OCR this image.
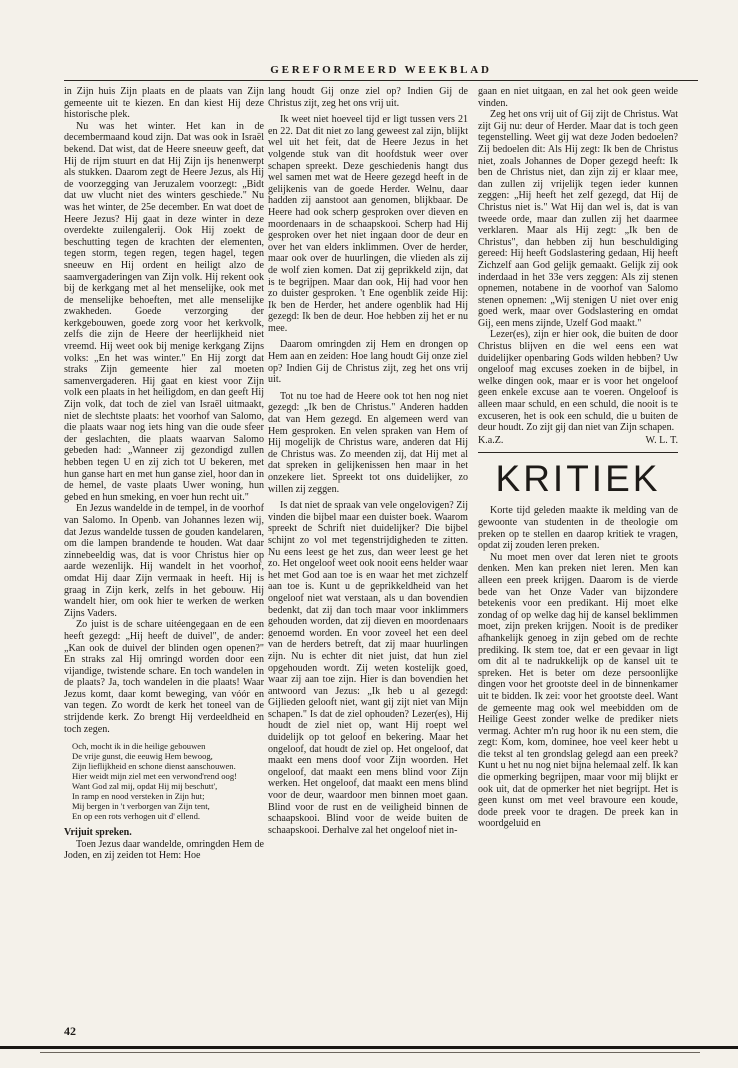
GEREFORMEERD WEEKBLAD

in Zijn huis Zijn plaats en de plaats van Zijn gemeente uit te kiezen. En dan kiest Hij deze historische plek.

Nu was het winter. Het kan in de decembermaand koud zijn. Dat was ook in Israël bekend. Dat wist, dat de Heere sneeuw geeft, dat Hij de rijm stuurt en dat Hij Zijn ijs henenwerpt als stukken. Daarom zegt de Heere Jezus, als Hij de voorzegging van Jeruzalem voorzegt: „Bidt dat uw vlucht niet des winters geschiede." Nu was het winter, de 25e december. En wat doet de Heere Jezus? Hij gaat in deze winter in deze overdekte zuilengalerij. Ook Hij zoekt de beschutting tegen de krachten der elementen, tegen storm, tegen regen, tegen hagel, tegen sneeuw en Hij ordent en heiligt alzo de saamvergaderingen van Zijn volk. Hij rekent ook bij de kerkgang met al het menselijke, ook met de menselijke behoeften, met alle menselijke zwakheden. Goede verzorging der kerkgebouwen, goede zorg voor het kerkvolk, zelfs die zijn de Heere der heerlijkheid niet vreemd. Hij weet ook bij menige kerkgang Zijns volks: „En het was winter." En Hij zorgt dat straks Zijn gemeente hier zal moeten samenvergaderen. Hij gaat en kiest voor Zijn volk een plaats in het heiligdom, en dan geeft Hij Zijn volk, dat toch de ziel van Israël uitmaakt, niet de slechtste plaats: het voorhof van Salomo, die plaats waar nog iets hing van die oude sfeer der geslachten, die plaats waarvan Salomo gebeden had: „Wanneer zij gezondigd zullen hebben tegen U en zij zich tot U bekeren, met hun ganse hart en met hun ganse ziel, hoor dan in de hemel, de vaste plaats Uwer woning, hun gebed en hun smeking, en voer hun recht uit."

En Jezus wandelde in de tempel, in de voorhof van Salomo. In Openb. van Johannes lezen wij, dat Jezus wandelde tussen de gouden kandelaren, om die lampen brandende te houden. Wat daar zinnebeeldig was, dat is voor Christus hier op aarde wezenlijk. Hij wandelt in het voorhof, omdat Hij daar Zijn vermaak in heeft. Hij is graag in Zijn kerk, zelfs in het gebouw. Hij wandelt hier, om ook hier te werken de werken Zijns Vaders.

Zo juist is de schare uitéengegaan en de een heeft gezegd: „Hij heeft de duivel", de ander: „Kan ook de duivel der blinden ogen openen?" En straks zal Hij omringd worden door een vijandige, twistende schare. En toch wandelen in de plaats? Ja, toch wandelen in die plaats! Waar Jezus komt, daar komt beweging, van vóór en van tegen. Zo wordt de kerk het toneel van de strijdende kerk. Zo brengt Hij verdeeldheid en toch zegen.

Och, mocht ik in die heilige gebouwen
De vrije gunst, die eeuwig Hem bewoog,
Zijn lieflijkheid en schone dienst aanschouwen.
Hier weidt mijn ziel met een verwond'rend oog!
Want God zal mij, opdat Hij mij beschutt',
In ramp en nood versteken in Zijn hut;
Mij bergen in 't verborgen van Zijn tent,
En op een rots verhogen uit d' ellend.
Vrijuit spreken.

Toen Jezus daar wandelde, omringden Hem de Joden, en zij zeiden tot Hem: Hoe

lang houdt Gij onze ziel op? Indien Gij de Christus zijt, zeg het ons vrij uit.

Ik weet niet hoeveel tijd er ligt tussen vers 21 en 22. Dat dit niet zo lang geweest zal zijn, blijkt wel uit het feit, dat de Heere Jezus in het volgende stuk van dit hoofdstuk weer over schapen spreekt. Deze geschiedenis hangt dus wel samen met wat de Heere gezegd heeft in de gelijkenis van de goede Herder. Welnu, daar hadden zij aanstoot aan genomen, blijkbaar. De Heere had ook scherp gesproken over dieven en moordenaars in de schaapskooi. Scherp had Hij gesproken over het niet ingaan door de deur en over het van elders inklimmen. Over de herder, maar ook over de huurlingen, die vlieden als zij de wolf zien komen. Dat zij geprikkeld zijn, dat is te begrijpen. Maar dan ook, Hij had voor hen zo duister gesproken. 't Ene ogenblik zeide Hij: Ik ben de Herder, het andere ogenblik had Hij gezegd: Ik ben de deur. Hoe hebben zij het er nu mee.

Daarom omringden zij Hem en drongen op Hem aan en zeiden: Hoe lang houdt Gij onze ziel op? Indien Gij de Christus zijt, zeg het ons vrij uit.

Tot nu toe had de Heere ook tot hen nog niet gezegd: „Ik ben de Christus." Anderen hadden dat van Hem gezegd. En algemeen werd van Hem gesproken. En velen spraken van Hem of Hij mogelijk de Christus ware, anderen dat Hij de Christus was. Zo meenden zij, dat Hij met al dat spreken in gelijkenissen hen maar in het onzekere liet. Spreekt tot ons duidelijker, zo willen zij zeggen.

Is dat niet de spraak van vele ongelovigen? Zij vinden die bijbel maar een duister boek. Waarom spreekt de Schrift niet duidelijker? Die bijbel schijnt zo vol met tegenstrijdigheden te zitten. Nu eens leest ge het zus, dan weer leest ge het zo. Het ongeloof weet ook nooit eens helder waar het met God aan toe is en waar het met zichzelf aan toe is. Kunt u de geprikkeldheid van het ongeloof niet wat verstaan, als u dan bovendien bedenkt, dat zij dan toch maar voor inklimmers gehouden worden, dat zij dieven en moordenaars genoemd worden. En voor zoveel het een deel van de herders betreft, dat zij maar huurlingen zijn. Nu is echter dit niet juist, dat hun ziel opgehouden wordt. Zij weten kostelijk goed, waar zij aan toe zijn. Hier is dan bovendien het antwoord van Jezus: „Ik heb u al gezegd: Gijlieden gelooft niet, want gij zijt niet van Mijn schapen." Is dat de ziel ophouden? Lezer(es), Hij houdt de ziel niet op, want Hij roept wel duidelijk op tot geloof en bekering. Maar het ongeloof, dat houdt de ziel op. Het ongeloof, dat maakt een mens doof voor Zijn woorden. Het ongeloof, dat maakt een mens blind voor Zijn werken. Het ongeloof, dat maakt een mens blind voor de deur, waardoor men binnen moet gaan. Blind voor de rust en de veiligheid binnen de schaapskooi. Blind voor de weide buiten de schaapskooi. Derhalve zal het ongeloof niet in-

gaan en niet uitgaan, en zal het ook geen weide vinden.

Zeg het ons vrij uit of Gij zijt de Christus. Wat zijt Gij nu: deur of Herder. Maar dat is toch geen tegenstelling. Weet gij wat deze Joden bedoelen? Zij bedoelen dit: Als Hij zegt: Ik ben de Christus niet, zoals Johannes de Doper gezegd heeft: Ik ben de Christus niet, dan zijn zij er klaar mee, dan zullen zij vrijelijk tegen ieder kunnen zeggen: „Hij heeft het zelf gezegd, dat Hij de Christus niet is." Wat Hij dan wel is, dat is van tweede orde, maar dan zullen zij het daarmee verklaren. Maar als Hij zegt: „Ik ben de Christus", dan hebben zij hun beschuldiging gereed: Hij heeft Godslastering gedaan, Hij heeft Zichzelf aan God gelijk gemaakt. Gelijk zij ook inderdaad in het 33e vers zeggen: Als zij stenen opnemen, notabene in de voorhof van Salomo stenen opnemen: „Wij stenigen U niet over enig goed werk, maar over Godslastering en omdat Gij, een mens zijnde, Uzelf God maakt."

Lezer(es), zijn er hier ook, die buiten de door Christus blijven en die wel eens een wat duidelijker openbaring Gods wilden hebben? Uw ongeloof mag excuses zoeken in de bijbel, in welke dingen ook, maar er is voor het ongeloof geen enkele excuse aan te voeren. Ongeloof is alleen maar schuld, en een schuld, die nooit is te excuseren, het is ook een schuld, die u buiten de deur houdt. Zo zijt gij dan niet van Zijn schapen.

K.a.Z.	W. L. T.
KRITIEK

Korte tijd geleden maakte ik melding van de gewoonte van studenten in de theologie om preken op te stellen en daarop kritiek te vragen, opdat zij zouden leren preken.

Nu moet men over dat leren niet te groots denken. Men kan preken niet leren. Men kan alleen een preek krijgen. Daarom is de vierde bede van het Onze Vader van bijzondere betekenis voor een predikant. Hij moet elke zondag of op welke dag hij de kansel beklimmen moet, zijn preken krijgen. Nooit is de prediker afhankelijk genoeg in zijn gebed om de rechte prediking. Ik stem toe, dat er een gevaar in ligt om dit al te nadrukkelijk op de kansel uit te spreken. Het is beter om deze persoonlijke dingen voor het grootste deel in de binnenkamer uit te bidden. Ik zei: voor het grootste deel. Want de gemeente mag ook wel meebidden om de Heilige Geest zonder welke de prediker niets vermag. Achter m'n rug hoor ik nu een stem, die zegt: Kom, kom, dominee, hoe veel keer hebt u die tekst al ten grondslag gelegd aan een preek? Kunt u het nu nog niet bijna helemaal zelf. Ik kan die opmerking begrijpen, maar voor mij blijkt er ook uit, dat de opmerker het niet begrijpt. Het is geen kunst om met veel bravoure een koude, dode preek voor te dragen. De preek kan in woordgeluid en

42
